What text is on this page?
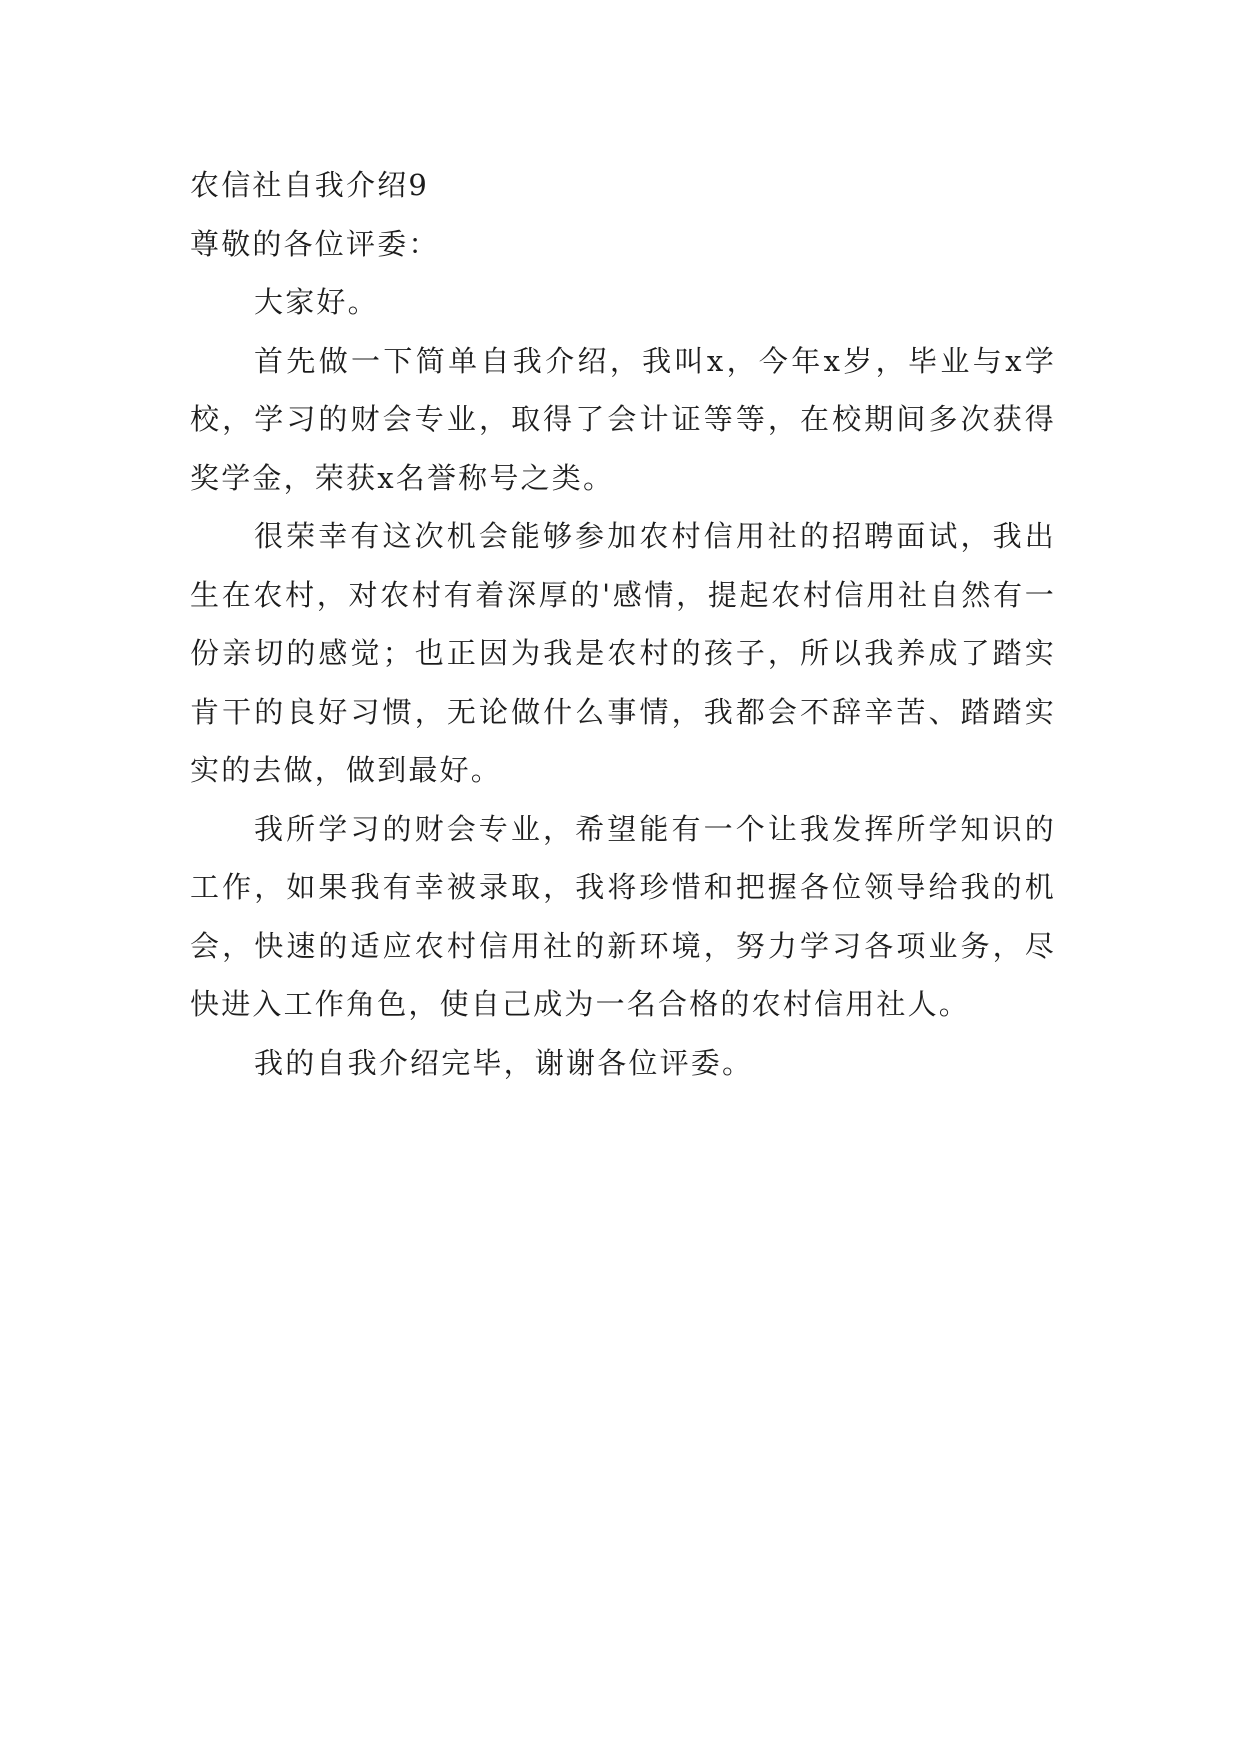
农信社自我介绍9

尊敬的各位评委：

大家好。

首先做一下简单自我介绍，我叫x，今年x岁，毕业与x学校，学习的财会专业，取得了会计证等等，在校期间多次获得奖学金，荣获x名誉称号之类。

很荣幸有这次机会能够参加农村信用社的招聘面试，我出生在农村，对农村有着深厚的'感情，提起农村信用社自然有一份亲切的感觉；也正因为我是农村的孩子，所以我养成了踏实肯干的良好习惯，无论做什么事情，我都会不辞辛苦、踏踏实实的去做，做到最好。

我所学习的财会专业，希望能有一个让我发挥所学知识的工作，如果我有幸被录取，我将珍惜和把握各位领导给我的机会，快速的适应农村信用社的新环境，努力学习各项业务，尽快进入工作角色，使自己成为一名合格的农村信用社人。

我的自我介绍完毕，谢谢各位评委。
